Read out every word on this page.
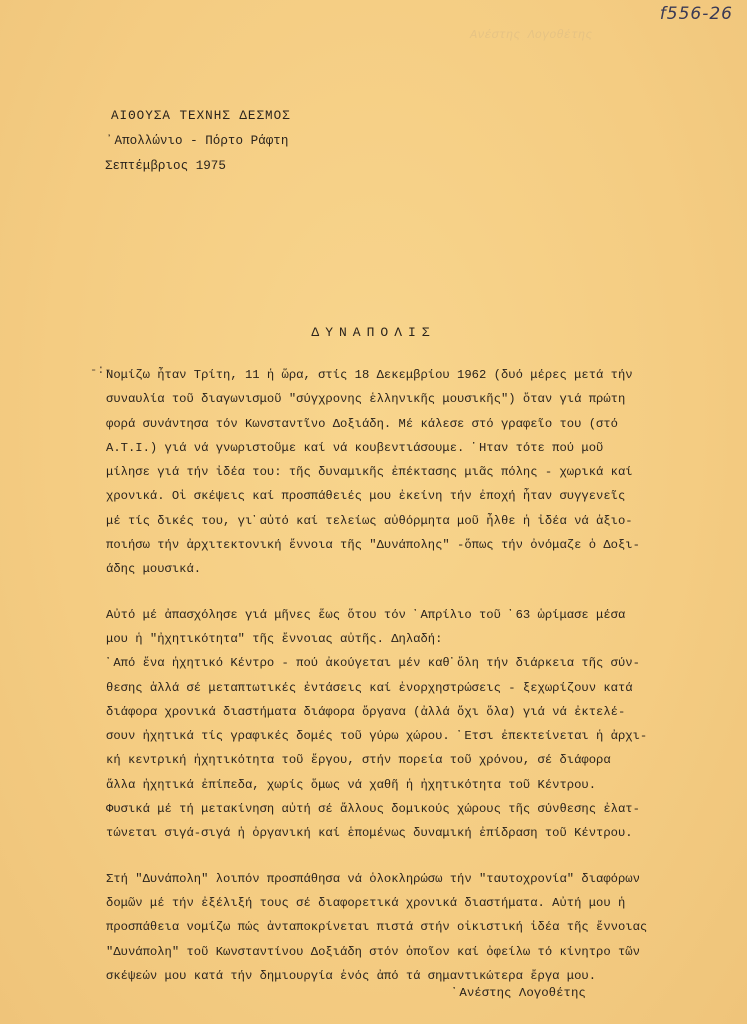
f556-26
Ανέστης Λογοθέτης
ΑΙΘΟΥΣΑ ΤΕΧΝΗΣ ΔΕΣΜΟΣ
᾽Απολλώνιο - Πόρτο Ράφτη
Σεπτέμβριος 1975
ΔΥΝΑΠΟΛΙΣ
-:-

Νομίζω ἦταν Τρίτη, 11 ἡ ὥρα, στίς 18 Δεκεμβρίου 1962 (δυό μέρες μετά τήν
συναυλία τοῦ διαγωνισμοῦ "σύγχρονης ἑλληνικῆς μουσικῆς") ὅταν γιά πρώτη
φορά συνάντησα τόν Κωνσταντῖνο Δοξιάδη. Μέ κάλεσε στό γραφεῖο του (στό
Α.Τ.Ι.) γιά νά γνωριστοῦμε καί νά κουβεντιάσουμε. ᾽Ηταν τότε πού μοῦ
μίλησε γιά τήν ἰδέα του: τῆς δυναμικῆς ἐπέκτασης μιᾶς πόλης - χωρικά καί
χρονικά. Οἱ σκέψεις καί προσπάθειές μου ἐκείνη τήν ἐποχή ἦταν συγγενεῖς
μέ τίς δικές του, γι᾽αὐτό καί τελείως αὐθόρμητα μοῦ ἦλθε ἡ ἰδέα νά ἀξιο-
ποιήσω τήν ἀρχιτεκτονική ἔννοια τῆς "Δυνάπολης" -ὅπως τήν ὀνόμαζε ὁ Δοξι-
άδης μουσικά.

Αὐτό μέ ἀπασχόλησε γιά μῆνες ἕως ὅτου τόν ᾽Απρίλιο τοῦ ᾽63 ὡρίμασε μέσα
μου ἡ "ἠχητικότητα" τῆς ἔννοιας αὐτῆς. Δηλαδή:
᾽Από ἕνα ἠχητικό Κέντρο - πού ἀκούγεται μέν καθ᾽ὅλη τήν διάρκεια τῆς σύν-
θεσης ἀλλά σέ μεταπτωτικές ἐντάσεις καί ἐνορχηστρώσεις - ξεχωρίζουν κατά
διάφορα χρονικά διαστήματα διάφορα ὄργανα (ἀλλά ὄχι ὅλα) γιά νά ἐκτελέ-
σουν ἠχητικά τίς γραφικές δομές τοῦ γύρω χώρου. ᾽Ετσι ἐπεκτείνεται ἡ ἀρχι-
κή κεντρική ἠχητικότητα τοῦ ἔργου, στήν πορεία τοῦ χρόνου, σέ διάφορα
ἄλλα ἠχητικά ἐπίπεδα, χωρίς ὅμως νά χαθῆ ἡ ἠχητικότητα τοῦ Κέντρου.
Φυσικά μέ τή μετακίνηση αὐτή σέ ἄλλους δομικούς χώρους τῆς σύνθεσης ἐλατ-
τώνεται σιγά-σιγά ἡ ὀργανική καί ἑπομένως δυναμική ἐπίδραση τοῦ Κέντρου.

Στή "Δυνάπολη" λοιπόν προσπάθησα νά ὁλοκληρώσω τήν "ταυτοχρονία" διαφόρων
δομῶν μέ τήν ἐξέλιξή τους σέ διαφορετικά χρονικά διαστήματα. Αὐτή μου ἡ
προσπάθεια νομίζω πώς ἀνταποκρίνεται πιστά στήν οἰκιστική ἰδέα τῆς ἔννοιας
"Δυνάπολη" τοῦ Κωνσταντίνου Δοξιάδη στόν ὁποῖον καί ὀφείλω τό κίνητρο τῶν
σκέψεών μου κατά τήν δημιουργία ἑνός ἀπό τά σημαντικώτερα ἔργα μου.

᾽Ανέστης Λογοθέτης
